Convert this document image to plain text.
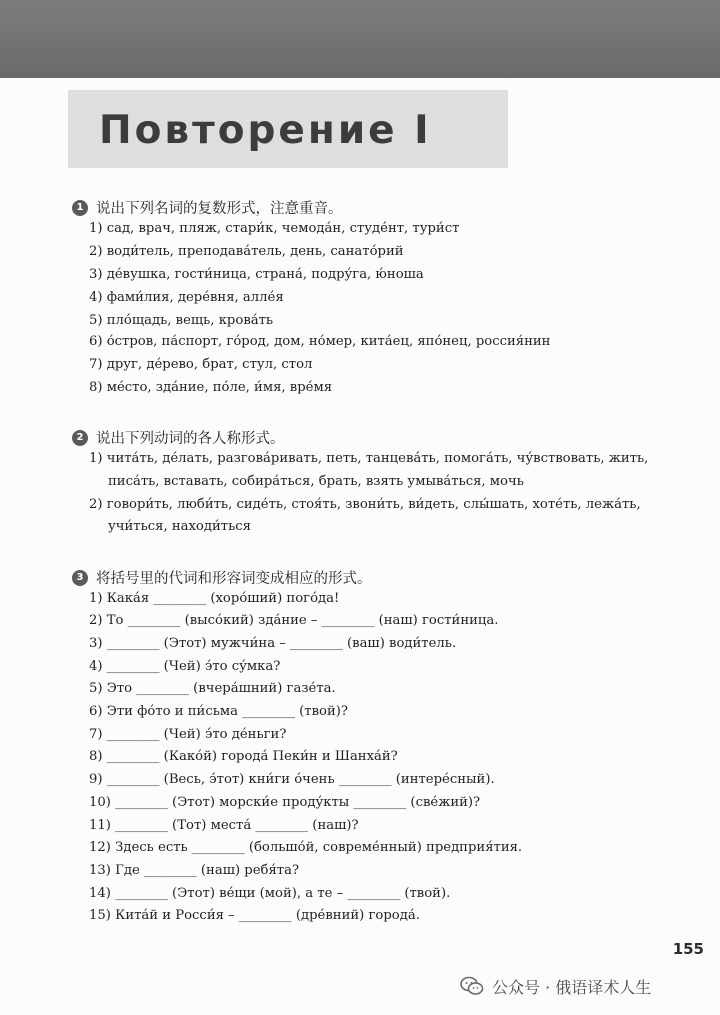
Повторение I
1 说出下列名词的复数形式，注意重音。
1) сад, врач, пляж, стари́к, чемода́н, студе́нт, тури́ст
2) води́тель, преподава́тель, день, санато́рий
3) де́вушка, гости́ница, страна́, подру́га, ю́ноша
4) фами́лия, дере́вня, алле́я
5) пло́щадь, вещь, крова́ть
6) о́стров, па́спорт, го́род, дом, но́мер, кита́ец, япо́нец, россия́нин
7) друг, де́рево, брат, стул, стол
8) ме́сто, зда́ние, по́ле, и́мя, вре́мя
2 说出下列动词的各人称形式。
1) чита́ть, де́лать, разгова́ривать, петь, танцева́ть, помога́ть, чу́вствовать, жить,
писа́ть, вставать, собира́ться, брать, взять умыва́ться, мочь
2) говори́ть, люби́ть, сиде́ть, стоя́ть, звони́ть, ви́деть, слы́шать, хоте́ть, лежа́ть,
учи́ться, находи́ться
3 将括号里的代词和形容词变成相应的形式。
1) Кака́я ________ (хоро́ший) пого́да!
2) То ________ (высо́кий) зда́ние – ________ (наш) гости́ница.
3) ________ (Этот) мужчи́на – ________ (ваш) води́тель.
4) ________ (Чей) э́то су́мка?
5) Это ________ (вчера́шний) газе́та.
6) Эти фо́то и пи́сьма ________ (твой)?
7) ________ (Чей) э́то де́ньги?
8) ________ (Како́й) города́ Пеки́н и Шанха́й?
9) ________ (Весь, э́тот) кни́ги о́чень ________ (интере́сный).
10) ________ (Этот) морски́е проду́кты ________ (све́жий)?
11) ________ (Тот) места́ ________ (наш)?
12) Здесь есть ________ (большо́й, совреме́нный) предприя́тия.
13) Где ________ (наш) ребя́та?
14) ________ (Этот) ве́щи (мой), а те – ________ (твой).
15) Кита́й и Росси́я – ________ (дре́вний) города́.
155
公众号 · 俄语译术人生
